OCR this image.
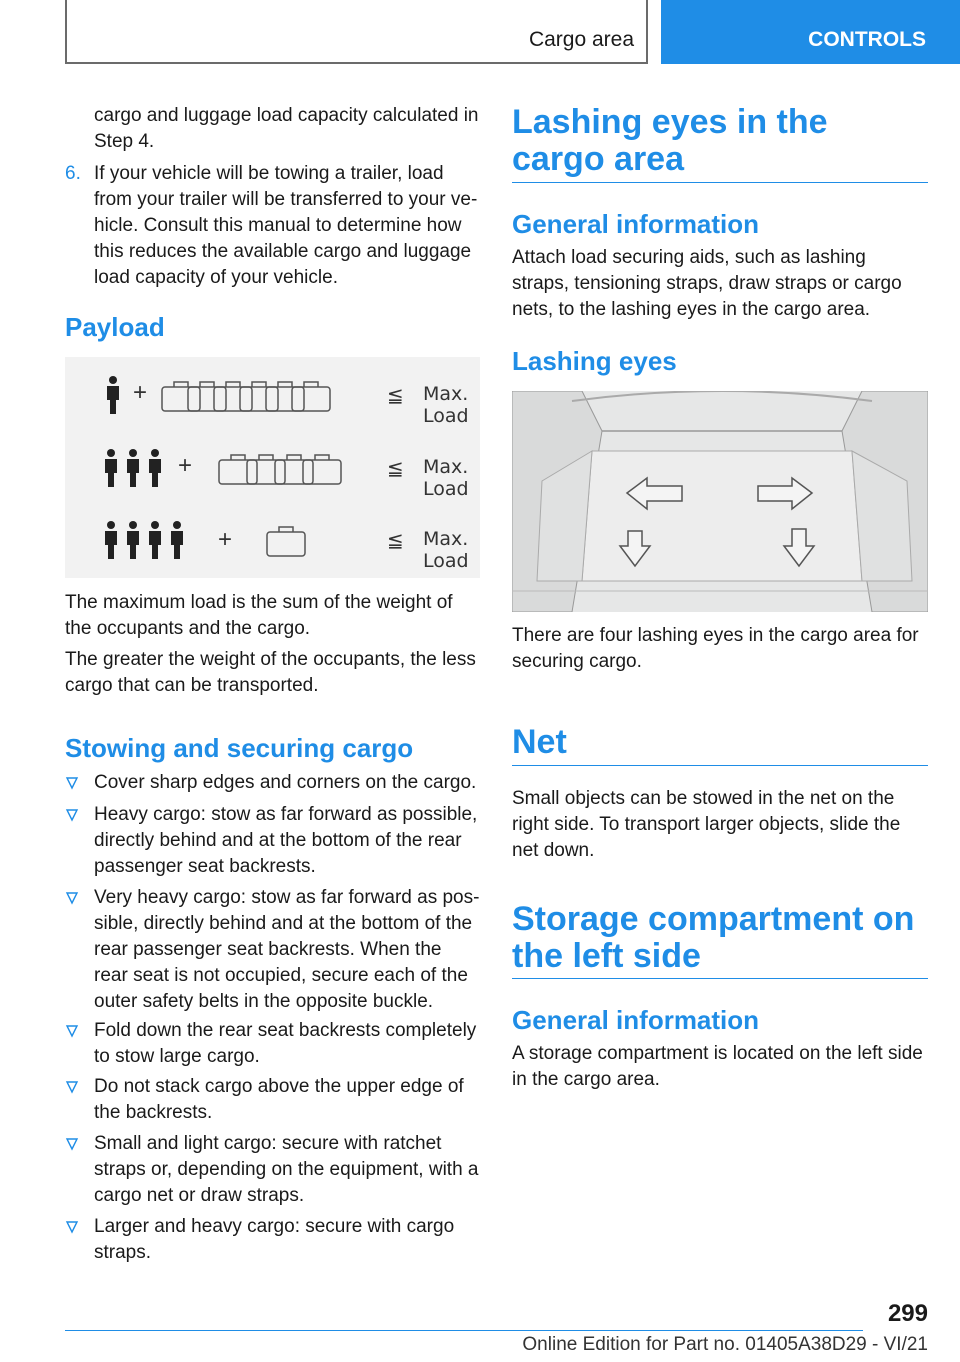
Cargo area	CONTROLS

cargo and luggage load capacity calculated in Step 4.

6. If your vehicle will be towing a trailer, load from your trailer will be transferred to your ve‐ hicle. Consult this manual to determine how this reduces the available cargo and luggage load capacity of your vehicle.
Payload
+	≦ Max. Load
+	≦ Max. Load
+	≦ Max. Load

The maximum load is the sum of the weight of the occupants and the cargo.

The greater the weight of the occupants, the less cargo that can be transported.

Stowing and securing cargo
Cover sharp edges and corners on the cargo.
Heavy cargo: stow as far forward as possible, directly behind and at the bottom of the rear passenger seat backrests.
Very heavy cargo: stow as far forward as pos‐ sible, directly behind and at the bottom of the rear passenger seat backrests. When the rear seat is not occupied, secure each of the outer safety belts in the opposite buckle.
Fold down the rear seat backrests completely to stow large cargo.
Do not stack cargo above the upper edge of the backrests.
Small and light cargo: secure with ratchet straps or, depending on the equipment, with a cargo net or draw straps.
Larger and heavy cargo: secure with cargo straps.
Lashing eyes in the cargo area
General information

Attach load securing aids, such as lashing straps, tensioning straps, draw straps or cargo nets, to the lashing eyes in the cargo area.

Lashing eyes

There are four lashing eyes in the cargo area for securing cargo.

Net

Small objects can be stowed in the net on the right side. To transport larger objects, slide the net down.

Storage compartment on the left side
General information

A storage compartment is located on the left side in the cargo area.

299
Online Edition for Part no. 01405A38D29 - VI/21
